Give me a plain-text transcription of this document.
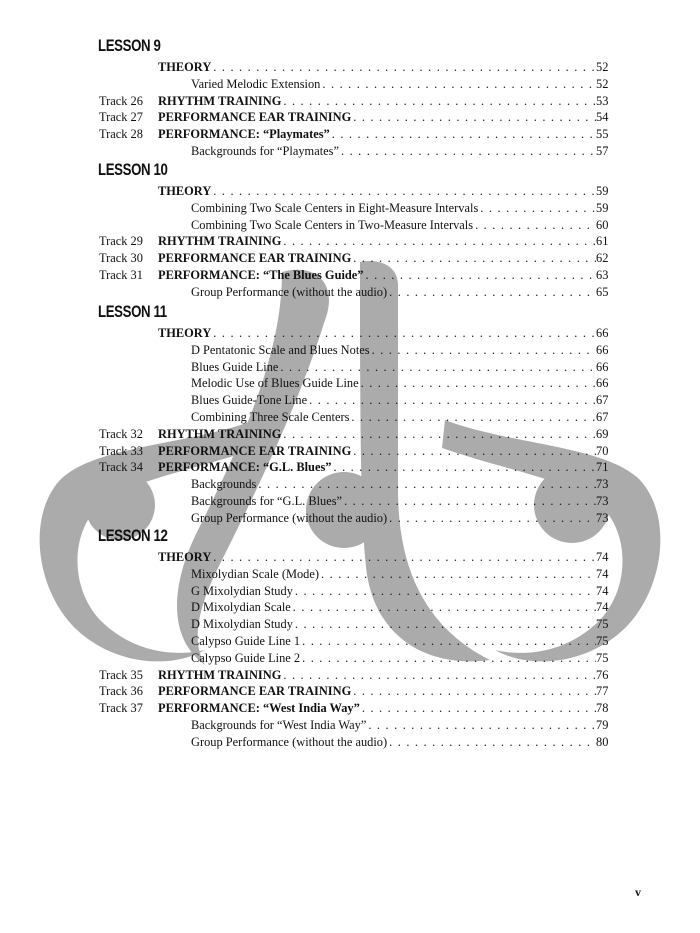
LESSON 9
THEORY . . .	52
Varied Melodic Extension . . .	52
Track 26 RHYTHM TRAINING . . .	53
Track 27 PERFORMANCE EAR TRAINING . . .	54
Track 28 PERFORMANCE: “Playmates” . . .	55
Backgrounds for “Playmates” . . .	57
LESSON 10
THEORY . . .	59
Combining Two Scale Centers in Eight-Measure Intervals . . .	59
Combining Two Scale Centers in Two-Measure Intervals . . .	60
Track 29 RHYTHM TRAINING . . .	61
Track 30 PERFORMANCE EAR TRAINING . . .	62
Track 31 PERFORMANCE: “The Blues Guide” . . .	63
Group Performance (without the audio) . . .	65
LESSON 11
THEORY . . .	66
D Pentatonic Scale and Blues Notes . . .	66
Blues Guide Line . . .	66
Melodic Use of Blues Guide Line . . .	66
Blues Guide-Tone Line . . .	67
Combining Three Scale Centers . . .	67
Track 32 RHYTHM TRAINING . . .	69
Track 33 PERFORMANCE EAR TRAINING . . .	70
Track 34 PERFORMANCE: “G.L. Blues” . . .	71
Backgrounds . . .	73
Backgrounds for “G.L. Blues” . . .	73
Group Performance (without the audio) . . .	73
LESSON 12
THEORY . . .	74
Mixolydian Scale (Mode) . . .	74
G Mixolydian Study . . .	74
D Mixolydian Scale . . .	74
D Mixolydian Study . . .	75
Calypso Guide Line 1 . . .	75
Calypso Guide Line 2 . . .	75
Track 35 RHYTHM TRAINING . . .	76
Track 36 PERFORMANCE EAR TRAINING . . .	77
Track 37 PERFORMANCE: “West India Way” . . .	78
Backgrounds for “West India Way” . . .	79
Group Performance (without the audio) . . .	80
v
